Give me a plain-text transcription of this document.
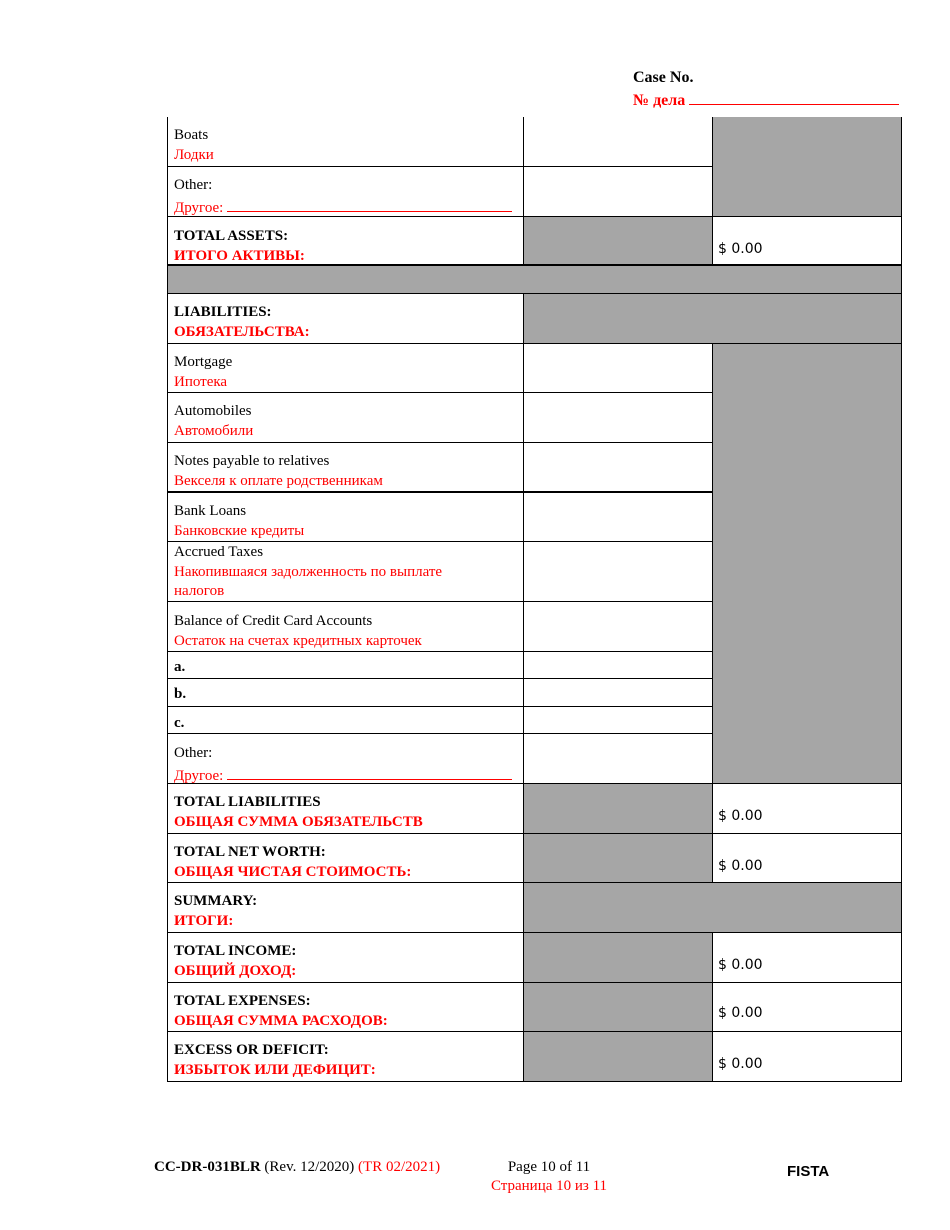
Case No.
№ дела
Boats
Лодки
Other:
Другое:
TOTAL ASSETS:
ИТОГО АКТИВЫ:	$ 0.00
LIABILITIES:
ОБЯЗАТЕЛЬСТВА:
Mortgage
Ипотека
Automobiles
Автомобили
Notes payable to relatives
Векселя к оплате родственникам
Bank Loans
Банковские кредиты
Accrued Taxes
Накопившаяся задолженность по выплате налогов
Balance of Credit Card Accounts
Остаток на счетах кредитных карточек
a.
b.
c.
Other:
Другое:
TOTAL LIABILITIES
ОБЩАЯ СУММА ОБЯЗАТЕЛЬСТВ	$ 0.00
TOTAL NET WORTH:
ОБЩАЯ ЧИСТАЯ СТОИМОСТЬ:	$ 0.00
SUMMARY:
ИТОГИ:
TOTAL INCOME:
ОБЩИЙ ДОХОД:	$ 0.00
TOTAL EXPENSES:
ОБЩАЯ СУММА РАСХОДОВ:	$ 0.00
EXCESS OR DEFICIT:
ИЗБЫТОК ИЛИ ДЕФИЦИТ:	$ 0.00
CC-DR-031BLR (Rev. 12/2020) (TR 02/2021)	Page 10 of 11
Страница 10 из 11
FISTA
